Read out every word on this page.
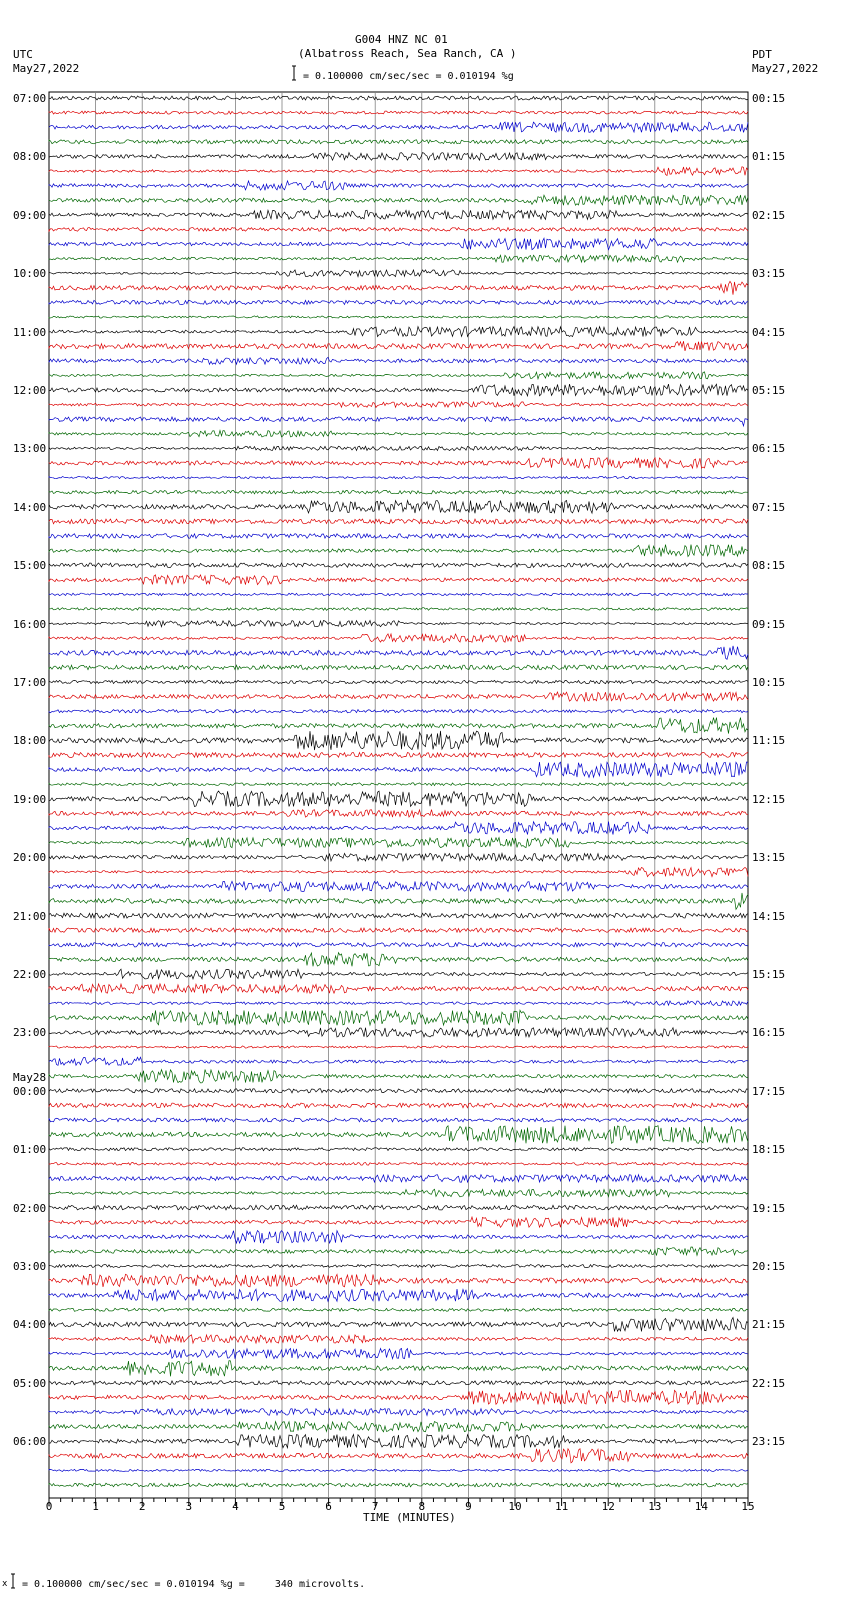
G004 HNZ NC 01
(Albatross Reach, Sea Ranch, CA )
= 0.100000 cm/sec/sec = 0.010194 %g
UTC
May27,2022
PDT
May27,2022
TIME (MINUTES)
x = 0.100000 cm/sec/sec = 0.010194 %g =     340 microvolts.
07:00
08:00
09:00
10:00
11:00
12:00
13:00
14:00
15:00
16:00
17:00
18:00
19:00
20:00
21:00
22:00
23:00
00:00
01:00
02:00
03:00
04:00
05:00
06:00
May28
00:15
01:15
02:15
03:15
04:15
05:15
06:15
07:15
08:15
09:15
10:15
11:15
12:15
13:15
14:15
15:15
16:15
17:15
18:15
19:15
20:15
21:15
22:15
23:15
0	1	2	3	4	5	6	7	8	9	10	11	12	13	14	15
